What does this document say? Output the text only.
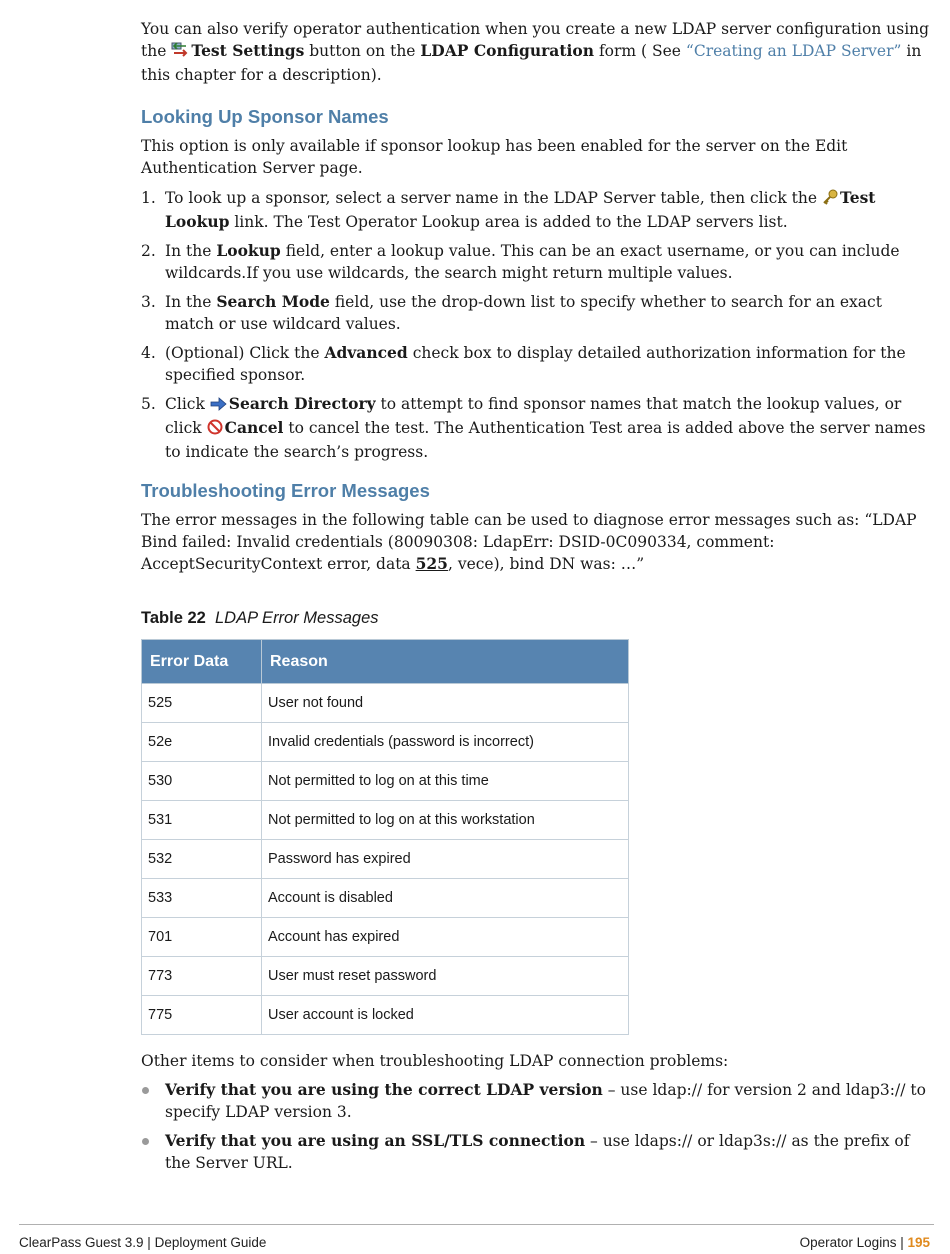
You can also verify operator authentication when you create a new LDAP server configuration using the Test Settings button on the LDAP Configuration form ( See “Creating an LDAP Server” in this chapter for a description).

Looking Up Sponsor Names

This option is only available if sponsor lookup has been enabled for the server on the Edit Authentication Server page.

1. To look up a sponsor, select a server name in the LDAP Server table, then click the Test Lookup link. The Test Operator Lookup area is added to the LDAP servers list.
2. In the Lookup field, enter a lookup value. This can be an exact username, or you can include wildcards.If you use wildcards, the search might return multiple values.
3. In the Search Mode field, use the drop-down list to specify whether to search for an exact match or use wildcard values.
4. (Optional) Click the Advanced check box to display detailed authorization information for the specified sponsor.
5. Click Search Directory to attempt to find sponsor names that match the lookup values, or click Cancel to cancel the test. The Authentication Test area is added above the server names to indicate the search’s progress.
Troubleshooting Error Messages

The error messages in the following table can be used to diagnose error messages such as: “LDAP Bind failed: Invalid credentials (80090308: LdapErr: DSID-0C090334, comment: AcceptSecurityContext error, data 525, vece), bind DN was: …”

Table 22 LDAP Error Messages

Error Data	Reason
525	User not found
52e	Invalid credentials (password is incorrect)
530	Not permitted to log on at this time
531	Not permitted to log on at this workstation
532	Password has expired
533	Account is disabled
701	Account has expired
773	User must reset password
775	User account is locked

Other items to consider when troubleshooting LDAP connection problems:

Verify that you are using the correct LDAP version – use ldap:// for version 2 and ldap3:// to specify LDAP version 3.
Verify that you are using an SSL/TLS connection – use ldaps:// or ldap3s:// as the prefix of the Server URL.
ClearPass Guest 3.9 | Deployment Guide	Operator Logins | 195
